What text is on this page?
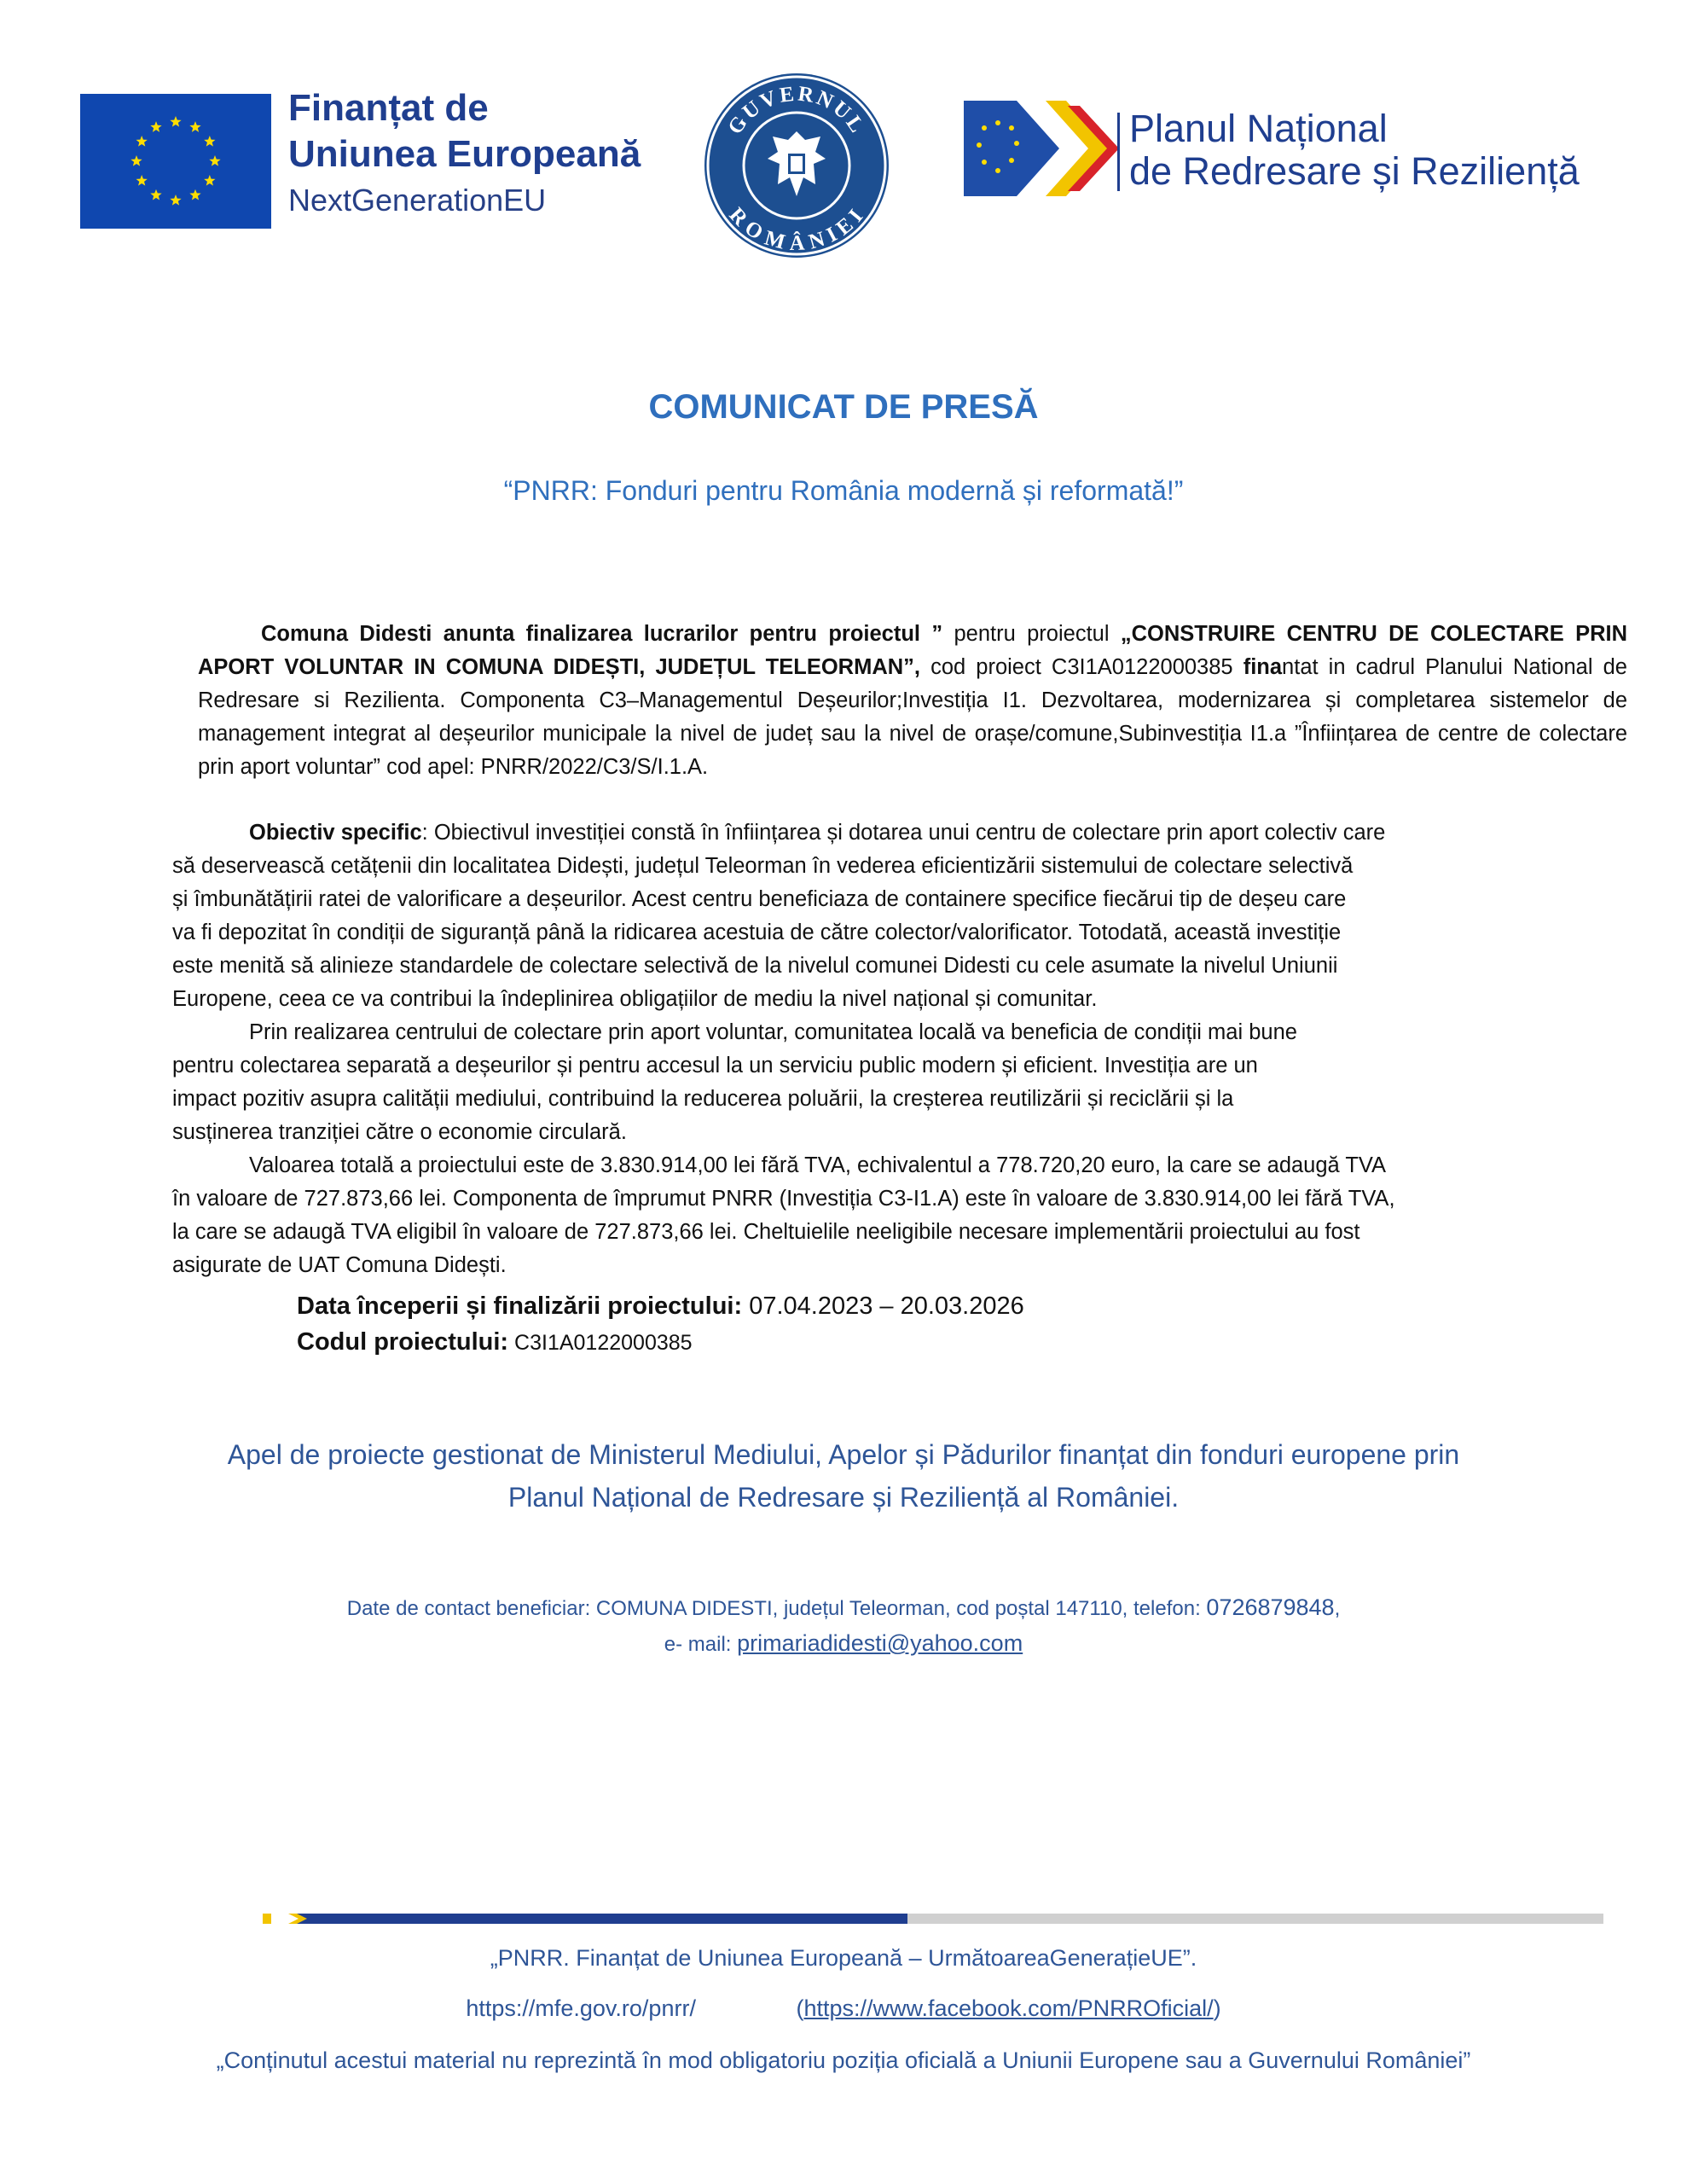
Finanțat de
Uniunea Europeană
NextGenerationEU
GUVERNUL
ROMÂNIEI
Planul Național
de Redresare și Reziliență
COMUNICAT DE PRESĂ
“PNRR: Fonduri pentru România modernă și reformată!”
Comuna Didesti anunta finalizarea lucrarilor pentru proiectul ” pentru proiectul „CONSTRUIRE CENTRU DE COLECTARE PRIN APORT VOLUNTAR IN COMUNA DIDEȘTI, JUDEȚUL TELEORMAN”, cod proiect C3I1A0122000385 finantat in cadrul Planului National de Redresare si Rezilienta. Componenta C3–Managementul Deșeurilor;Investiția I1. Dezvoltarea, modernizarea și completarea sistemelor de management integrat al deșeurilor municipale la nivel de județ sau la nivel de orașe/comune,Subinvestiția I1.a ”Înființarea de centre de colectare prin aport voluntar” cod apel: PNRR/2022/C3/S/I.1.A.
Obiectiv specific: Obiectivul investiției constă în înființarea și dotarea unui centru de colectare prin aport colectiv care
să deservească cetățenii din localitatea Didești, județul Teleorman în vederea eficientizării sistemului de colectare selectivă
și îmbunătățirii ratei de valorificare a deșeurilor. Acest centru beneficiaza de containere specifice fiecărui tip de deșeu care
va fi depozitat în condiții de siguranță până la ridicarea acestuia de către colector/valorificator. Totodată, această investiție
este menită să alinieze standardele de colectare selectivă de la nivelul comunei Didesti cu cele asumate la nivelul Uniunii
Europene, ceea ce va contribui la îndeplinirea obligațiilor de mediu la nivel național și comunitar.
Prin realizarea centrului de colectare prin aport voluntar, comunitatea locală va beneficia de condiții mai bune
pentru colectarea separată a deșeurilor și pentru accesul la un serviciu public modern și eficient. Investiția are un
impact pozitiv asupra calității mediului, contribuind la reducerea poluării, la creșterea reutilizării și reciclării și la
susținerea tranziției către o economie circulară.
Valoarea totală a proiectului este de 3.830.914,00 lei fără TVA, echivalentul a 778.720,20 euro, la care se adaugă TVA
în valoare de 727.873,66 lei. Componenta de împrumut PNRR (Investiția C3-I1.A) este în valoare de 3.830.914,00 lei fără TVA,
la care se adaugă TVA eligibil în valoare de 727.873,66 lei. Cheltuielile neeligibile necesare implementării proiectului au fost
asigurate de UAT Comuna Didești.
Data începerii și finalizării proiectului: 07.04.2023 – 20.03.2026
Codul proiectului: C3I1A0122000385
Apel de proiecte gestionat de Ministerul Mediului, Apelor și Pădurilor finanțat din fonduri europene prin
Planul Național de Redresare și Reziliență al României.
Date de contact beneficiar: COMUNA DIDESTI, județul Teleorman, cod poștal 147110, telefon: 0726879848,
e- mail: primariadidesti@yahoo.com
„PNRR. Finanțat de Uniunea Europeană – UrmătoareaGenerațieUE”.
https://mfe.gov.ro/pnrr/	(https://www.facebook.com/PNRROficial/)
„Conținutul acestui material nu reprezintă în mod obligatoriu poziția oficială a Uniunii Europene sau a Guvernului României”
